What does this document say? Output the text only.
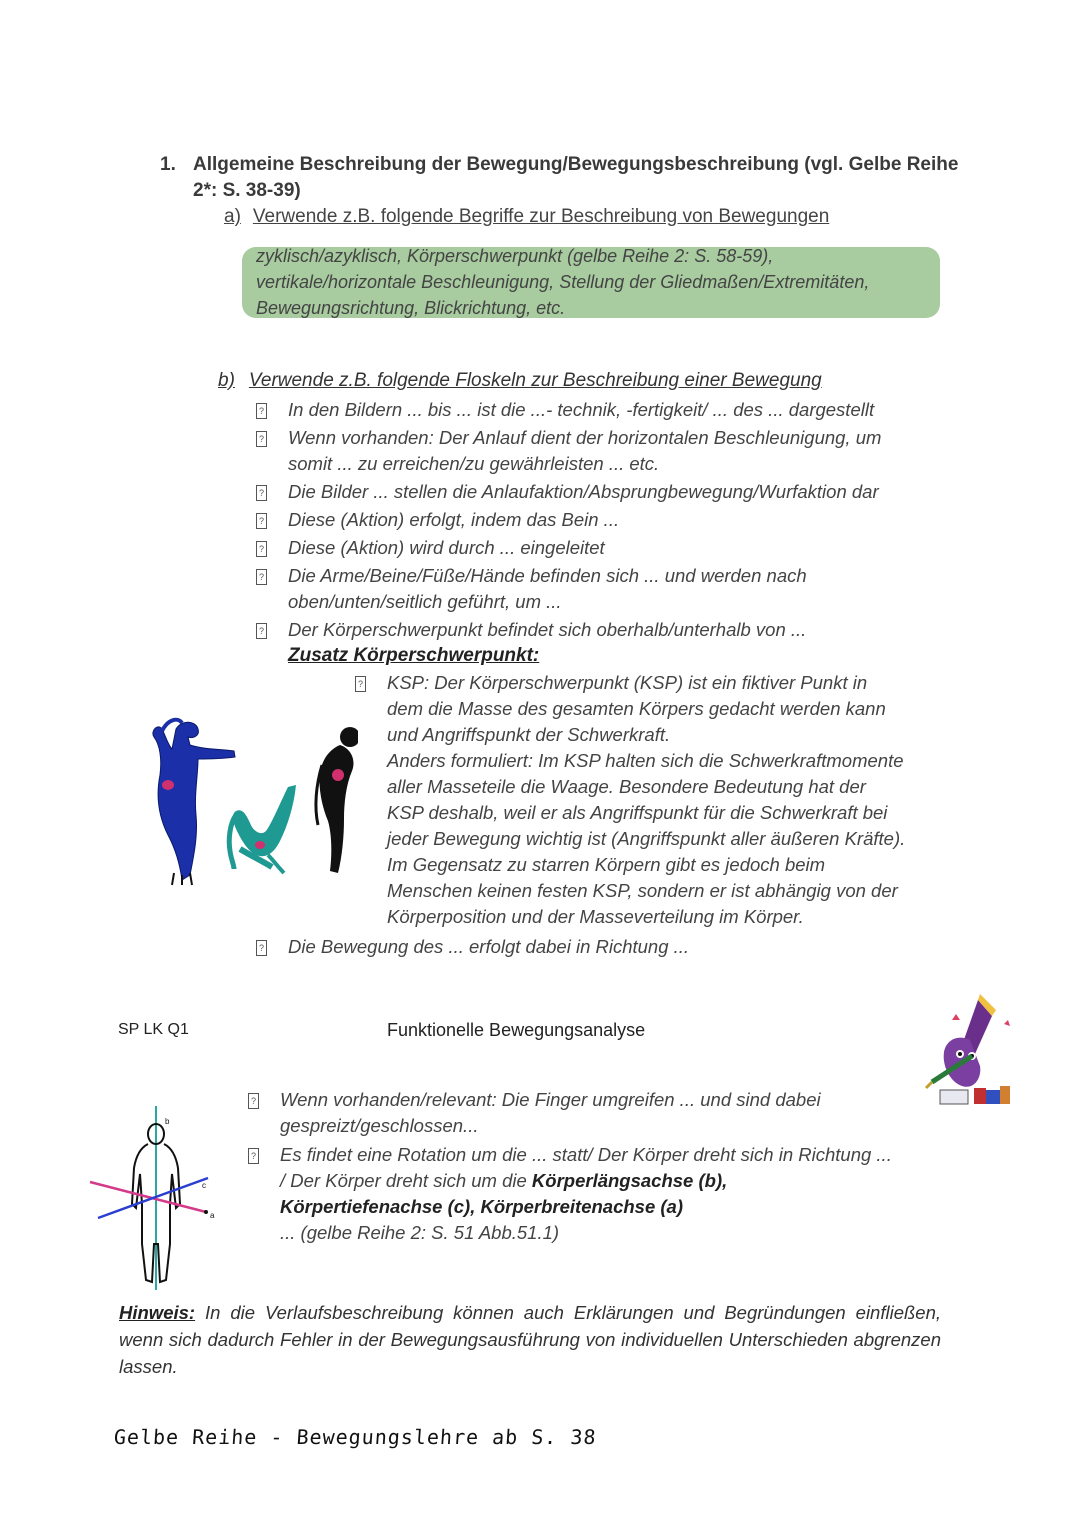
1. Allgemeine Beschreibung der Bewegung/Bewegungsbeschreibung (vgl. Gelbe Reihe 2*: S. 38-39)
a) Verwende z.B. folgende Begriffe zur Beschreibung von Bewegungen
zyklisch/azyklisch, Körperschwerpunkt (gelbe Reihe 2: S. 58-59),
vertikale/horizontale Beschleunigung, Stellung der Gliedmaßen/Extremitäten,
Bewegungsrichtung, Blickrichtung, etc.
b) Verwende z.B. folgende Floskeln zur Beschreibung einer Bewegung
? In den Bildern ... bis ... ist die ...- technik, -fertigkeit/ ... des ... dargestellt
? Wenn vorhanden: Der Anlauf dient der horizontalen Beschleunigung, um
somit ... zu erreichen/zu gewährleisten ... etc.
? Die Bilder ... stellen die Anlaufaktion/Absprungbewegung/Wurfaktion dar
? Diese (Aktion) erfolgt, indem das Bein ...
? Diese (Aktion) wird durch ... eingeleitet
? Die Arme/Beine/Füße/Hände befinden sich ... und werden nach
oben/unten/seitlich geführt, um ...
? Der Körperschwerpunkt befindet sich oberhalb/unterhalb von ...
Zusatz Körperschwerpunkt:
? KSP: Der Körperschwerpunkt (KSP) ist ein fiktiver Punkt in
dem die Masse des gesamten Körpers gedacht werden kann
und Angriffspunkt der Schwerkraft.
Anders formuliert: Im KSP halten sich die Schwerkraftmomente
aller Masseteile die Waage. Besondere Bedeutung hat der
KSP deshalb, weil er als Angriffspunkt für die Schwerkraft bei
jeder Bewegung wichtig ist (Angriffspunkt aller äußeren Kräfte).
Im Gegensatz zu starren Körpern gibt es jedoch beim
Menschen keinen festen KSP, sondern er ist abhängig von der
Körperposition und der Masseverteilung im Körper.
? Die Bewegung des ... erfolgt dabei in Richtung ...
SP LK Q1	Funktionelle Bewegungsanalyse
? Wenn vorhanden/relevant: Die Finger umgreifen ... und sind dabei
gespreizt/geschlossen...
? Es findet eine Rotation um die ... statt/ Der Körper dreht sich in Richtung ...
/ Der Körper dreht sich um die Körperlängsachse (b),
Körpertiefenachse (c), Körperbreitenachse (a)
... (gelbe Reihe 2: S. 51 Abb.51.1)
b
c
a
Hinweis: In die Verlaufsbeschreibung können auch Erklärungen und Begründungen einfließen, wenn sich dadurch Fehler in der Bewegungsausführung von individuellen Unterschieden abgrenzen lassen.
Gelbe Reihe - Bewegungslehre ab S. 38
